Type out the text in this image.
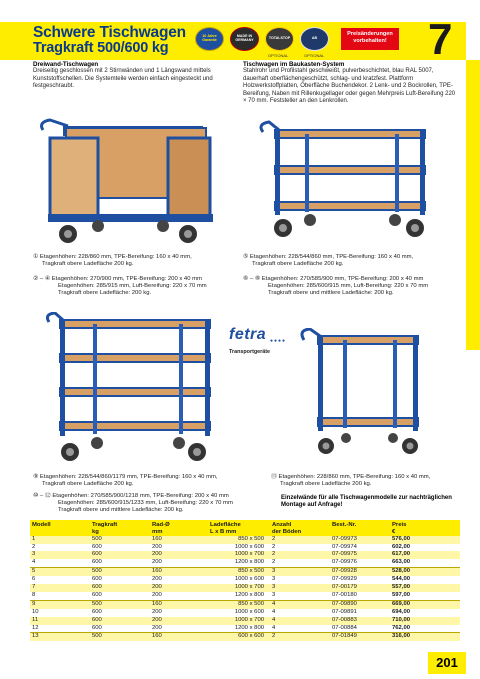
Schwere Tischwagen
Tragkraft 500/600 kg
10 Jahre Garantie
MADE IN GERMANY	TOTALSTOP	AB
OPTIONAL	OPTIONAL
Preisänderungen vorbehalten! 7
Dreiwand-Tischwagen
Dreiseitig geschlossen mit 2 Stirnwänden und 1 Längswand mittels Kunststoffschellen. Die Systemteile werden einfach eingesteckt und festgeschraubt.
Tischwagen im Baukasten-System
Stahlrohr und Profilstahl geschweißt, pulverbeschichtet, blau RAL 5007, dauerhaft oberflächengeschützt, schlag- und kratzfest. Plattform Holzwerkstoffplatten, Oberfläche Buchendekor. 2 Lenk- und 2 Bockrollen, TPE-Bereifung, Naben mit Rillenkugellager oder gegen Mehrpreis Luft-Bereifung 220 × 70 mm. Feststeller an den Lenkrollen.
① Etagenhöhen: 228/860 mm, TPE-Bereifung: 160 x 40 mm,
Tragkraft obere Ladefläche 200 kg.
② – ④ Etagenhöhen: 270/900 mm, TPE-Bereifung: 200 x 40 mm
Etagenhöhen: 285/915 mm, Luft-Bereifung: 220 x 70 mm
Tragkraft obere Ladefläche: 200 kg.
⑤ Etagenhöhen: 228/544/860 mm, TPE-Bereifung: 160 x 40 mm,
Tragkraft obere Ladefläche 200 kg.
⑥ – ⑧ Etagenhöhen: 270/585/900 mm, TPE-Bereifung: 200 x 40 mm
Etagenhöhen: 285/600/915 mm, Luft-Bereifung: 220 x 70 mm
Tragkraft obere und mittlere Ladefläche: 200 kg.
fetra ●●●●
Transportgeräte
⑨ Etagenhöhen: 228/544/860/1179 mm, TPE-Bereifung: 160 x 40 mm,
Tragkraft obere Ladefläche 200 kg.
⑩ – ⑫ Etagenhöhen: 270/585/900/1218 mm, TPE-Bereifung: 200 x 40 mm
Etagenhöhen: 285/600/915/1233 mm, Luft-Bereifung: 220 x 70 mm
Tragkraft obere und mittlere Ladefläche: 200 kg.
⑬ Etagenhöhen: 228/860 mm, TPE-Bereifung: 160 x 40 mm,
Tragkraft obere Ladefläche 200 kg.
Einzelwände für alle Tischwagenmodelle zur nachträglichen Montage auf Anfrage!
Modell	Tragkraft	Rad-Ø	Ladefläche	Anzahl	Best.-Nr.	Preis
	kg	mm	L x B mm	der Böden		€
1	500	160	850 x 500	2	07-09973	576,00
2	600	200	1000 x 600	2	07-09974	602,00
3	600	200	1000 x 700	2	07-09975	617,00
4	600	200	1200 x 800	2	07-09976	663,00
5	500	160	850 x 500	3	07-09928	528,00
6	600	200	1000 x 600	3	07-09929	544,00
7	600	200	1000 x 700	3	07-00179	557,00
8	600	200	1200 x 800	3	07-00180	597,00
9	500	160	850 x 500	4	07-09890	669,00
10	600	200	1000 x 600	4	07-09891	694,00
11	600	200	1000 x 700	4	07-00883	710,00
12	600	200	1200 x 800	4	07-00884	762,00
13	500	160	600 x 600	2	07-01849	316,00
201
